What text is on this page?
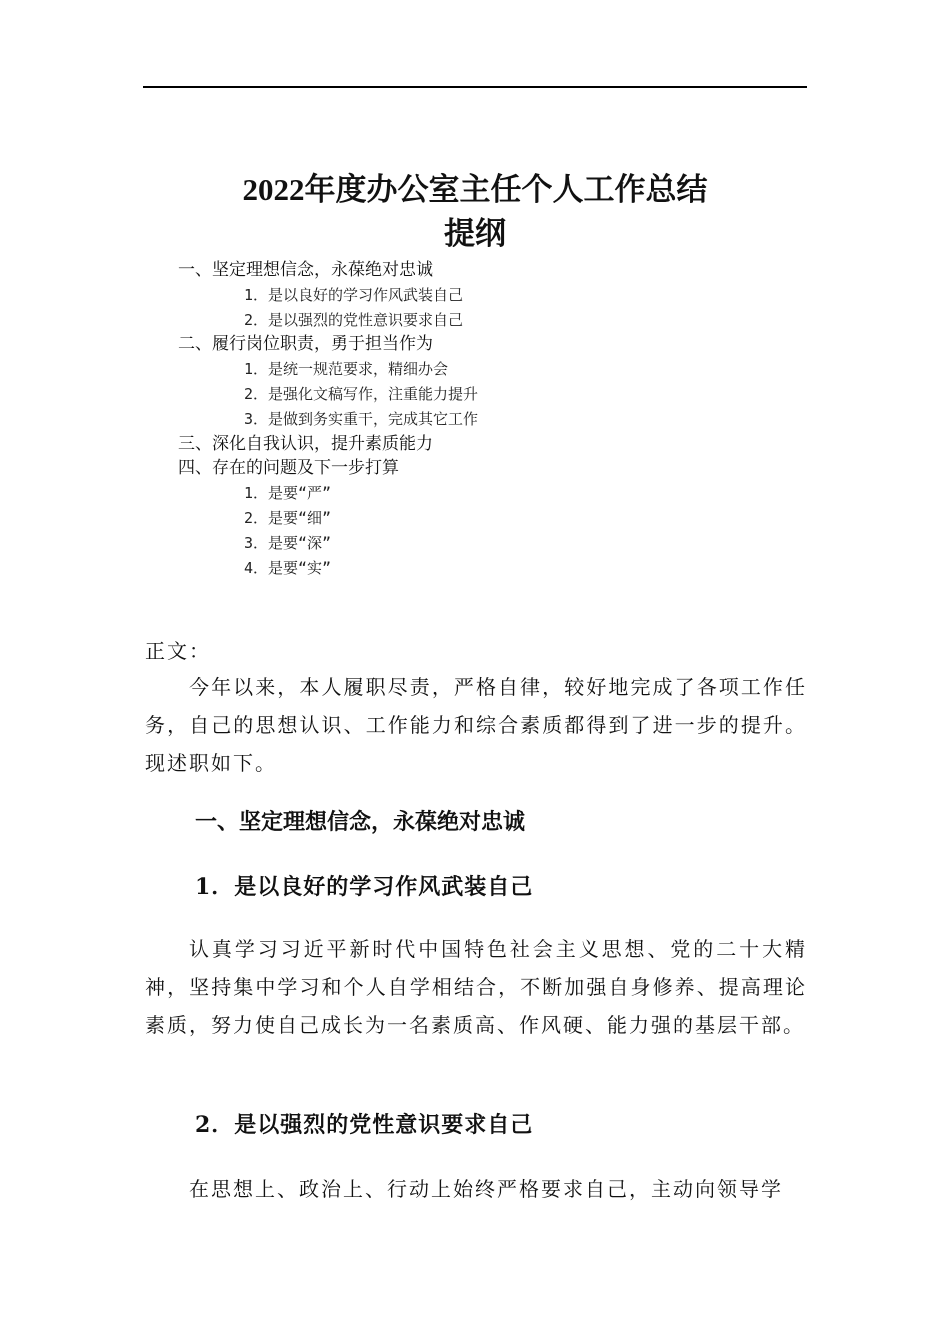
2022年度办公室主任个人工作总结
提纲
一、坚定理想信念，永葆绝对忠诚
1．是以良好的学习作风武装自己
2．是以强烈的党性意识要求自己
二、履行岗位职责，勇于担当作为
1．是统一规范要求，精细办会
2．是强化文稿写作，注重能力提升
3．是做到务实重干，完成其它工作
三、深化自我认识，提升素质能力
四、存在的问题及下一步打算
1．是要“严”
2．是要“细”
3．是要“深”
4．是要“实”

正文：

今年以来，本人履职尽责，严格自律，较好地完成了各项工作任务，自己的思想认识、工作能力和综合素质都得到了进一步的提升。现述职如下。

一、坚定理想信念，永葆绝对忠诚
1．是以良好的学习作风武装自己

认真学习习近平新时代中国特色社会主义思想、党的二十大精神，坚持集中学习和个人自学相结合，不断加强自身修养、提高理论素质，努力使自己成长为一名素质高、作风硬、能力强的基层干部。

2．是以强烈的党性意识要求自己

在思想上、政治上、行动上始终严格要求自己，主动向领导学
